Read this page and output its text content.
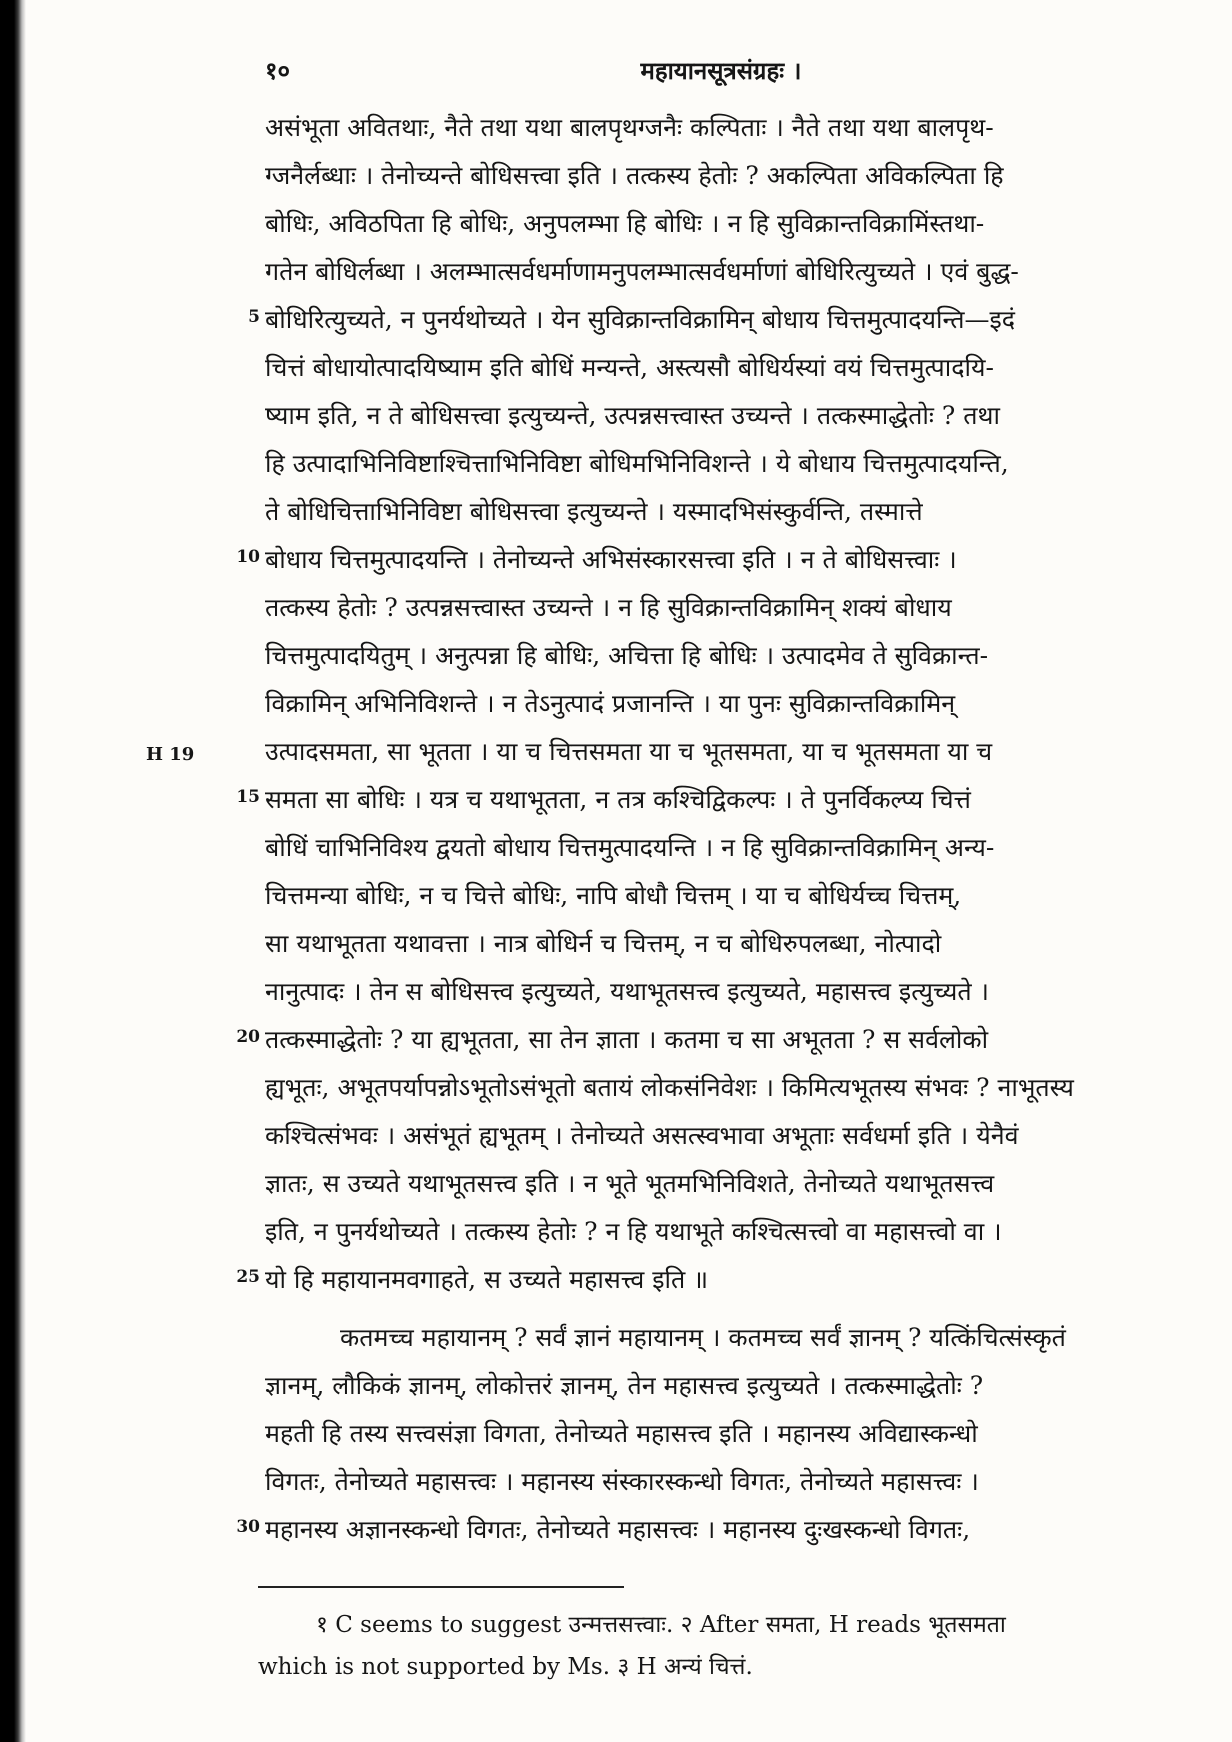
१०	महायानसूत्रसंग्रहः ।
5
10
15
20
25
30
H 19
असंभूता अवितथाः, नैते तथा यथा बालपृथग्जनैः कल्पिताः । नैते तथा यथा बालपृथ-
ग्जनैर्लब्धाः । तेनोच्यन्ते बोधिसत्त्वा इति । तत्कस्य हेतोः ? अकल्पिता अविकल्पिता हि
बोधिः, अविठपिता हि बोधिः, अनुपलम्भा हि बोधिः । न हि सुविक्रान्तविक्रामिंस्तथा-
गतेन बोधिर्लब्धा । अलम्भात्सर्वधर्माणामनुपलम्भात्सर्वधर्माणां बोधिरित्युच्यते । एवं बुद्ध-
बोधिरित्युच्यते, न पुनर्यथोच्यते । येन सुविक्रान्तविक्रामिन् बोधाय चित्तमुत्पादयन्ति—इदं
चित्तं बोधायोत्पादयिष्याम इति बोधिं मन्यन्ते, अस्त्यसौ बोधिर्यस्यां वयं चित्तमुत्पादयि-
ष्याम इति, न ते बोधिसत्त्वा इत्युच्यन्ते, उत्पन्नसत्त्वास्त उच्यन्ते । तत्कस्माद्धेतोः ? तथा
हि उत्पादाभिनिविष्टाश्चित्ताभिनिविष्टा बोधिमभिनिविशन्ते । ये बोधाय चित्तमुत्पादयन्ति,
ते बोधिचित्ताभिनिविष्टा बोधिसत्त्वा इत्युच्यन्ते । यस्मादभिसंस्कुर्वन्ति, तस्मात्ते
बोधाय चित्तमुत्पादयन्ति । तेनोच्यन्ते अभिसंस्कारसत्त्वा इति । न ते बोधिसत्त्वाः ।
तत्कस्य हेतोः ? उत्पन्नसत्त्वास्त उच्यन्ते । न हि सुविक्रान्तविक्रामिन् शक्यं बोधाय
चित्तमुत्पादयितुम् । अनुत्पन्ना हि बोधिः, अचित्ता हि बोधिः । उत्पादमेव ते सुविक्रान्त-
विक्रामिन् अभिनिविशन्ते । न तेऽनुत्पादं प्रजानन्ति । या पुनः सुविक्रान्तविक्रामिन्
उत्पादसमता, सा भूतता । या च चित्तसमता या च भूतसमता, या च भूतसमता या च
समता सा बोधिः । यत्र च यथाभूतता, न तत्र कश्चिद्विकल्पः । ते पुनर्विकल्प्य चित्तं
बोधिं चाभिनिविश्य द्वयतो बोधाय चित्तमुत्पादयन्ति । न हि सुविक्रान्तविक्रामिन् अन्य-
चित्तमन्या बोधिः, न च चित्ते बोधिः, नापि बोधौ चित्तम् । या च बोधिर्यच्च चित्तम्,
सा यथाभूतता यथावत्ता । नात्र बोधिर्न च चित्तम्, न च बोधिरुपलब्धा, नोत्पादो
नानुत्पादः । तेन स बोधिसत्त्व इत्युच्यते, यथाभूतसत्त्व इत्युच्यते, महासत्त्व इत्युच्यते ।
तत्कस्माद्धेतोः ? या ह्यभूतता, सा तेन ज्ञाता । कतमा च सा अभूतता ? स सर्वलोको
ह्यभूतः, अभूतपर्यापन्नोऽभूतोऽसंभूतो बतायं लोकसंनिवेशः । किमित्यभूतस्य संभवः ? नाभूतस्य
कश्चित्संभवः । असंभूतं ह्यभूतम् । तेनोच्यते असत्स्वभावा अभूताः सर्वधर्मा इति । येनैवं
ज्ञातः, स उच्यते यथाभूतसत्त्व इति । न भूते भूतमभिनिविशते, तेनोच्यते यथाभूतसत्त्व
इति, न पुनर्यथोच्यते । तत्कस्य हेतोः ? न हि यथाभूते कश्चित्सत्त्वो वा महासत्त्वो वा ।
यो हि महायानमवगाहते, स उच्यते महासत्त्व इति ॥
कतमच्च महायानम् ? सर्वं ज्ञानं महायानम् । कतमच्च सर्वं ज्ञानम् ? यत्किंचित्संस्कृतं
ज्ञानम्, लौकिकं ज्ञानम्, लोकोत्तरं ज्ञानम्, तेन महासत्त्व इत्युच्यते । तत्कस्माद्धेतोः ?
महती हि तस्य सत्त्वसंज्ञा विगता, तेनोच्यते महासत्त्व इति । महानस्य अविद्यास्कन्धो
विगतः, तेनोच्यते महासत्त्वः । महानस्य संस्कारस्कन्धो विगतः, तेनोच्यते महासत्त्वः ।
महानस्य अज्ञानस्कन्धो विगतः, तेनोच्यते महासत्त्वः । महानस्य दुःखस्कन्धो विगतः,
१ C seems to suggest उन्मत्तसत्त्वाः. २ After समता, H reads भूतसमता
which is not supported by Ms. ३ H अन्यं चित्तं.
